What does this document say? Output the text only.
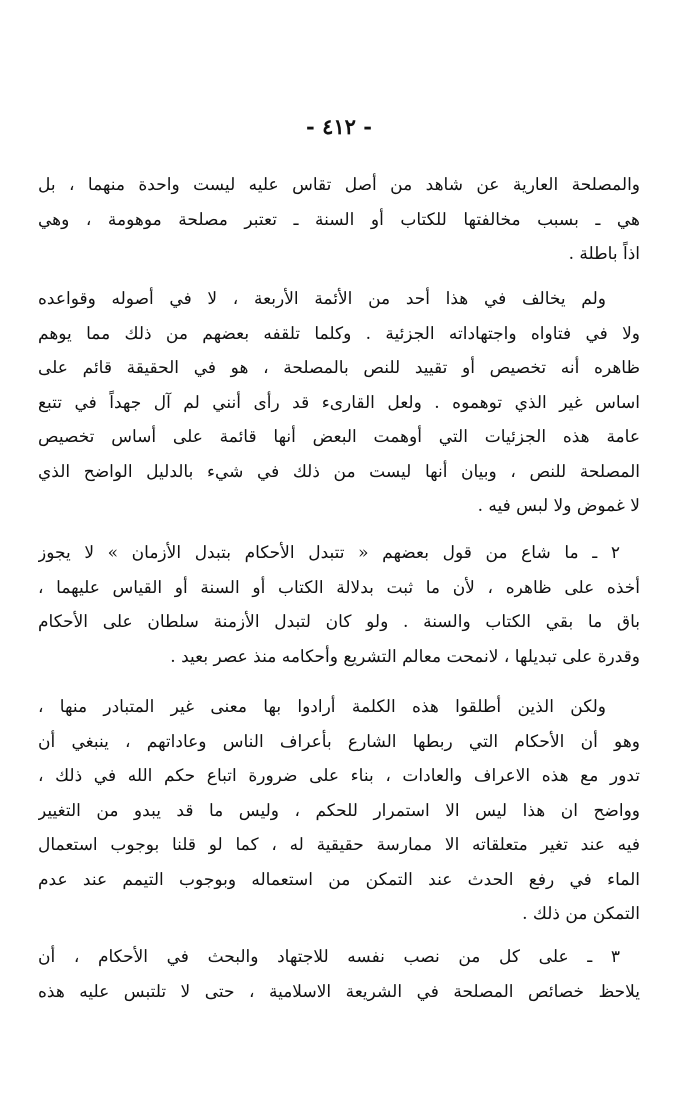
- ٤١٢ -
والمصلحة العارية عن شاهد من أصل تقاس عليه ليست واحدة منهما ، بل
هي ـ بسبب مخالفتها للكتاب أو السنة ـ تعتبر مصلحة موهومة ، وهي
اذاً باطلة .
ولم يخالف في هذا أحد من الأئمة الأربعة ، لا في أصوله وقواعده
ولا في فتاواه واجتهاداته الجزئية . وكلما تلقفه بعضهم من ذلك مما يوهم
ظاهره أنه تخصيص أو تقييد للنص بالمصلحة ، هو في الحقيقة قائم على
اساس غير الذي توهموه . ولعل القارىء قد رأى أنني لم آل جهداً في تتبع
عامة هذه الجزئيات التي أوهمت البعض أنها قائمة على أساس تخصيص
المصلحة للنص ، وبيان أنها ليست من ذلك في شيء بالدليل الواضح الذي
لا غموض ولا لبس فيه .
٢ ـ ما شاع من قول بعضهم « تتبدل الأحكام بتبدل الأزمان » لا يجوز
أخذه على ظاهره ، لأن ما ثبت بدلالة الكتاب أو السنة أو القياس عليهما ،
باق ما بقي الكتاب والسنة . ولو كان لتبدل الأزمنة سلطان على الأحكام
وقدرة على تبديلها ، لانمحت معالم التشريع وأحكامه منذ عصر بعيد .
ولكن الذين أطلقوا هذه الكلمة أرادوا بها معنى غير المتبادر منها ،
وهو أن الأحكام التي ربطها الشارع بأعراف الناس وعاداتهم ، ينبغي أن
تدور مع هذه الاعراف والعادات ، بناء على ضرورة اتباع حكم الله في ذلك ،
وواضح ان هذا ليس الا استمرار للحكم ، وليس ما قد يبدو من التغيير
فيه عند تغير متعلقاته الا ممارسة حقيقية له ، كما لو قلنا بوجوب استعمال
الماء في رفع الحدث عند التمكن من استعماله وبوجوب التيمم عند عدم
التمكن من ذلك .
٣ ـ على كل من نصب نفسه للاجتهاد والبحث في الأحكام ، أن
يلاحظ خصائص المصلحة في الشريعة الاسلامية ، حتى لا تلتبس عليه هذه
